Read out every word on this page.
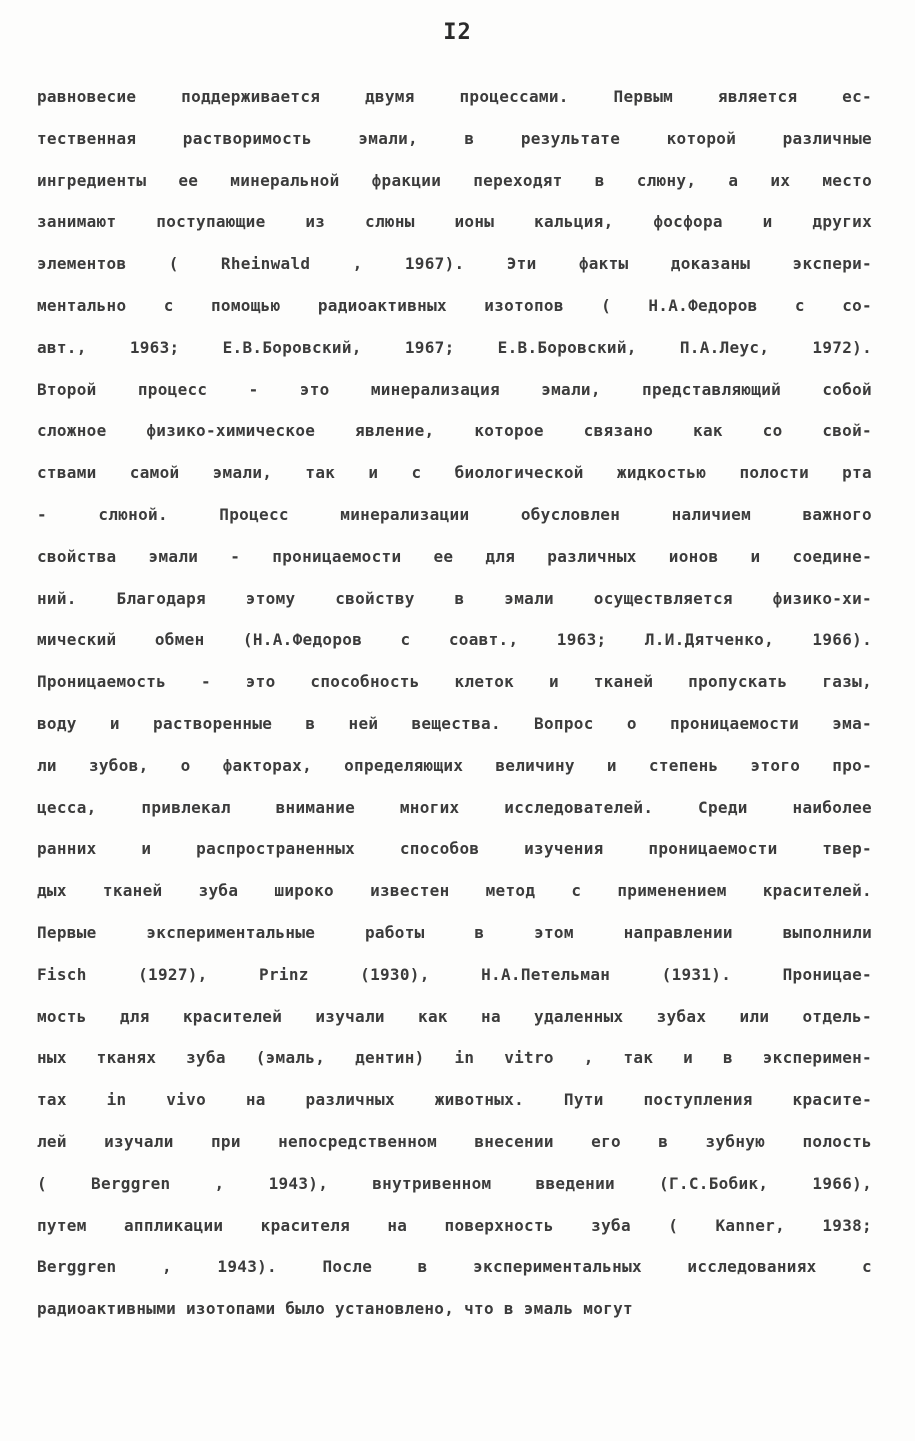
I2
равновесие поддерживается двумя процессами. Первым является ес-
тественная растворимость эмали, в результате которой различные
ингредиенты ее минеральной фракции переходят в слюну, а их место
занимают поступающие из слюны ионы кальция, фосфора и других
элементов ( Rheinwald , 1967). Эти факты доказаны экспери-
ментально с помощью радиоактивных изотопов ( Н.А.Федоров с со-
авт., 1963; Е.В.Боровский, 1967; Е.В.Боровский, П.А.Леус, 1972).
Второй процесс - это минерализация эмали, представляющий собой
сложное физико-химическое явление, которое связано как со свой-
ствами самой эмали, так и с биологической жидкостью полости рта
- слюной. Процесс минерализации обусловлен наличием важного
свойства эмали - проницаемости ее для различных ионов и соедине-
ний. Благодаря этому свойству в эмали осуществляется физико-хи-
мический обмен (Н.А.Федоров с соавт., 1963; Л.И.Дятченко, 1966).
Проницаемость - это способность клеток и тканей пропускать газы,
воду и растворенные в ней вещества. Вопрос о проницаемости эма-
ли зубов, о факторах, определяющих величину и степень этого про-
цесса, привлекал внимание многих исследователей. Среди наиболее
ранних и распространенных способов изучения проницаемости твер-
дых тканей зуба широко известен метод с применением красителей.
Первые экспериментальные работы в этом направлении выполнили
Fisch (1927), Prinz (1930), Н.А.Петельман (1931). Проницае-
мость для красителей изучали как на удаленных зубах или отдель-
ных тканях зуба (эмаль, дентин) in vitro , так и в эксперимен-
тах in vivo на различных животных. Пути поступления красите-
лей изучали при непосредственном внесении его в зубную полость
( Berggren , 1943), внутривенном введении (Г.С.Бобик, 1966),
путем аппликации красителя на поверхность зуба ( Kanner, 1938;
Berggren , 1943). После в экспериментальных исследованиях с
радиоактивными изотопами было установлено, что в эмаль могут
